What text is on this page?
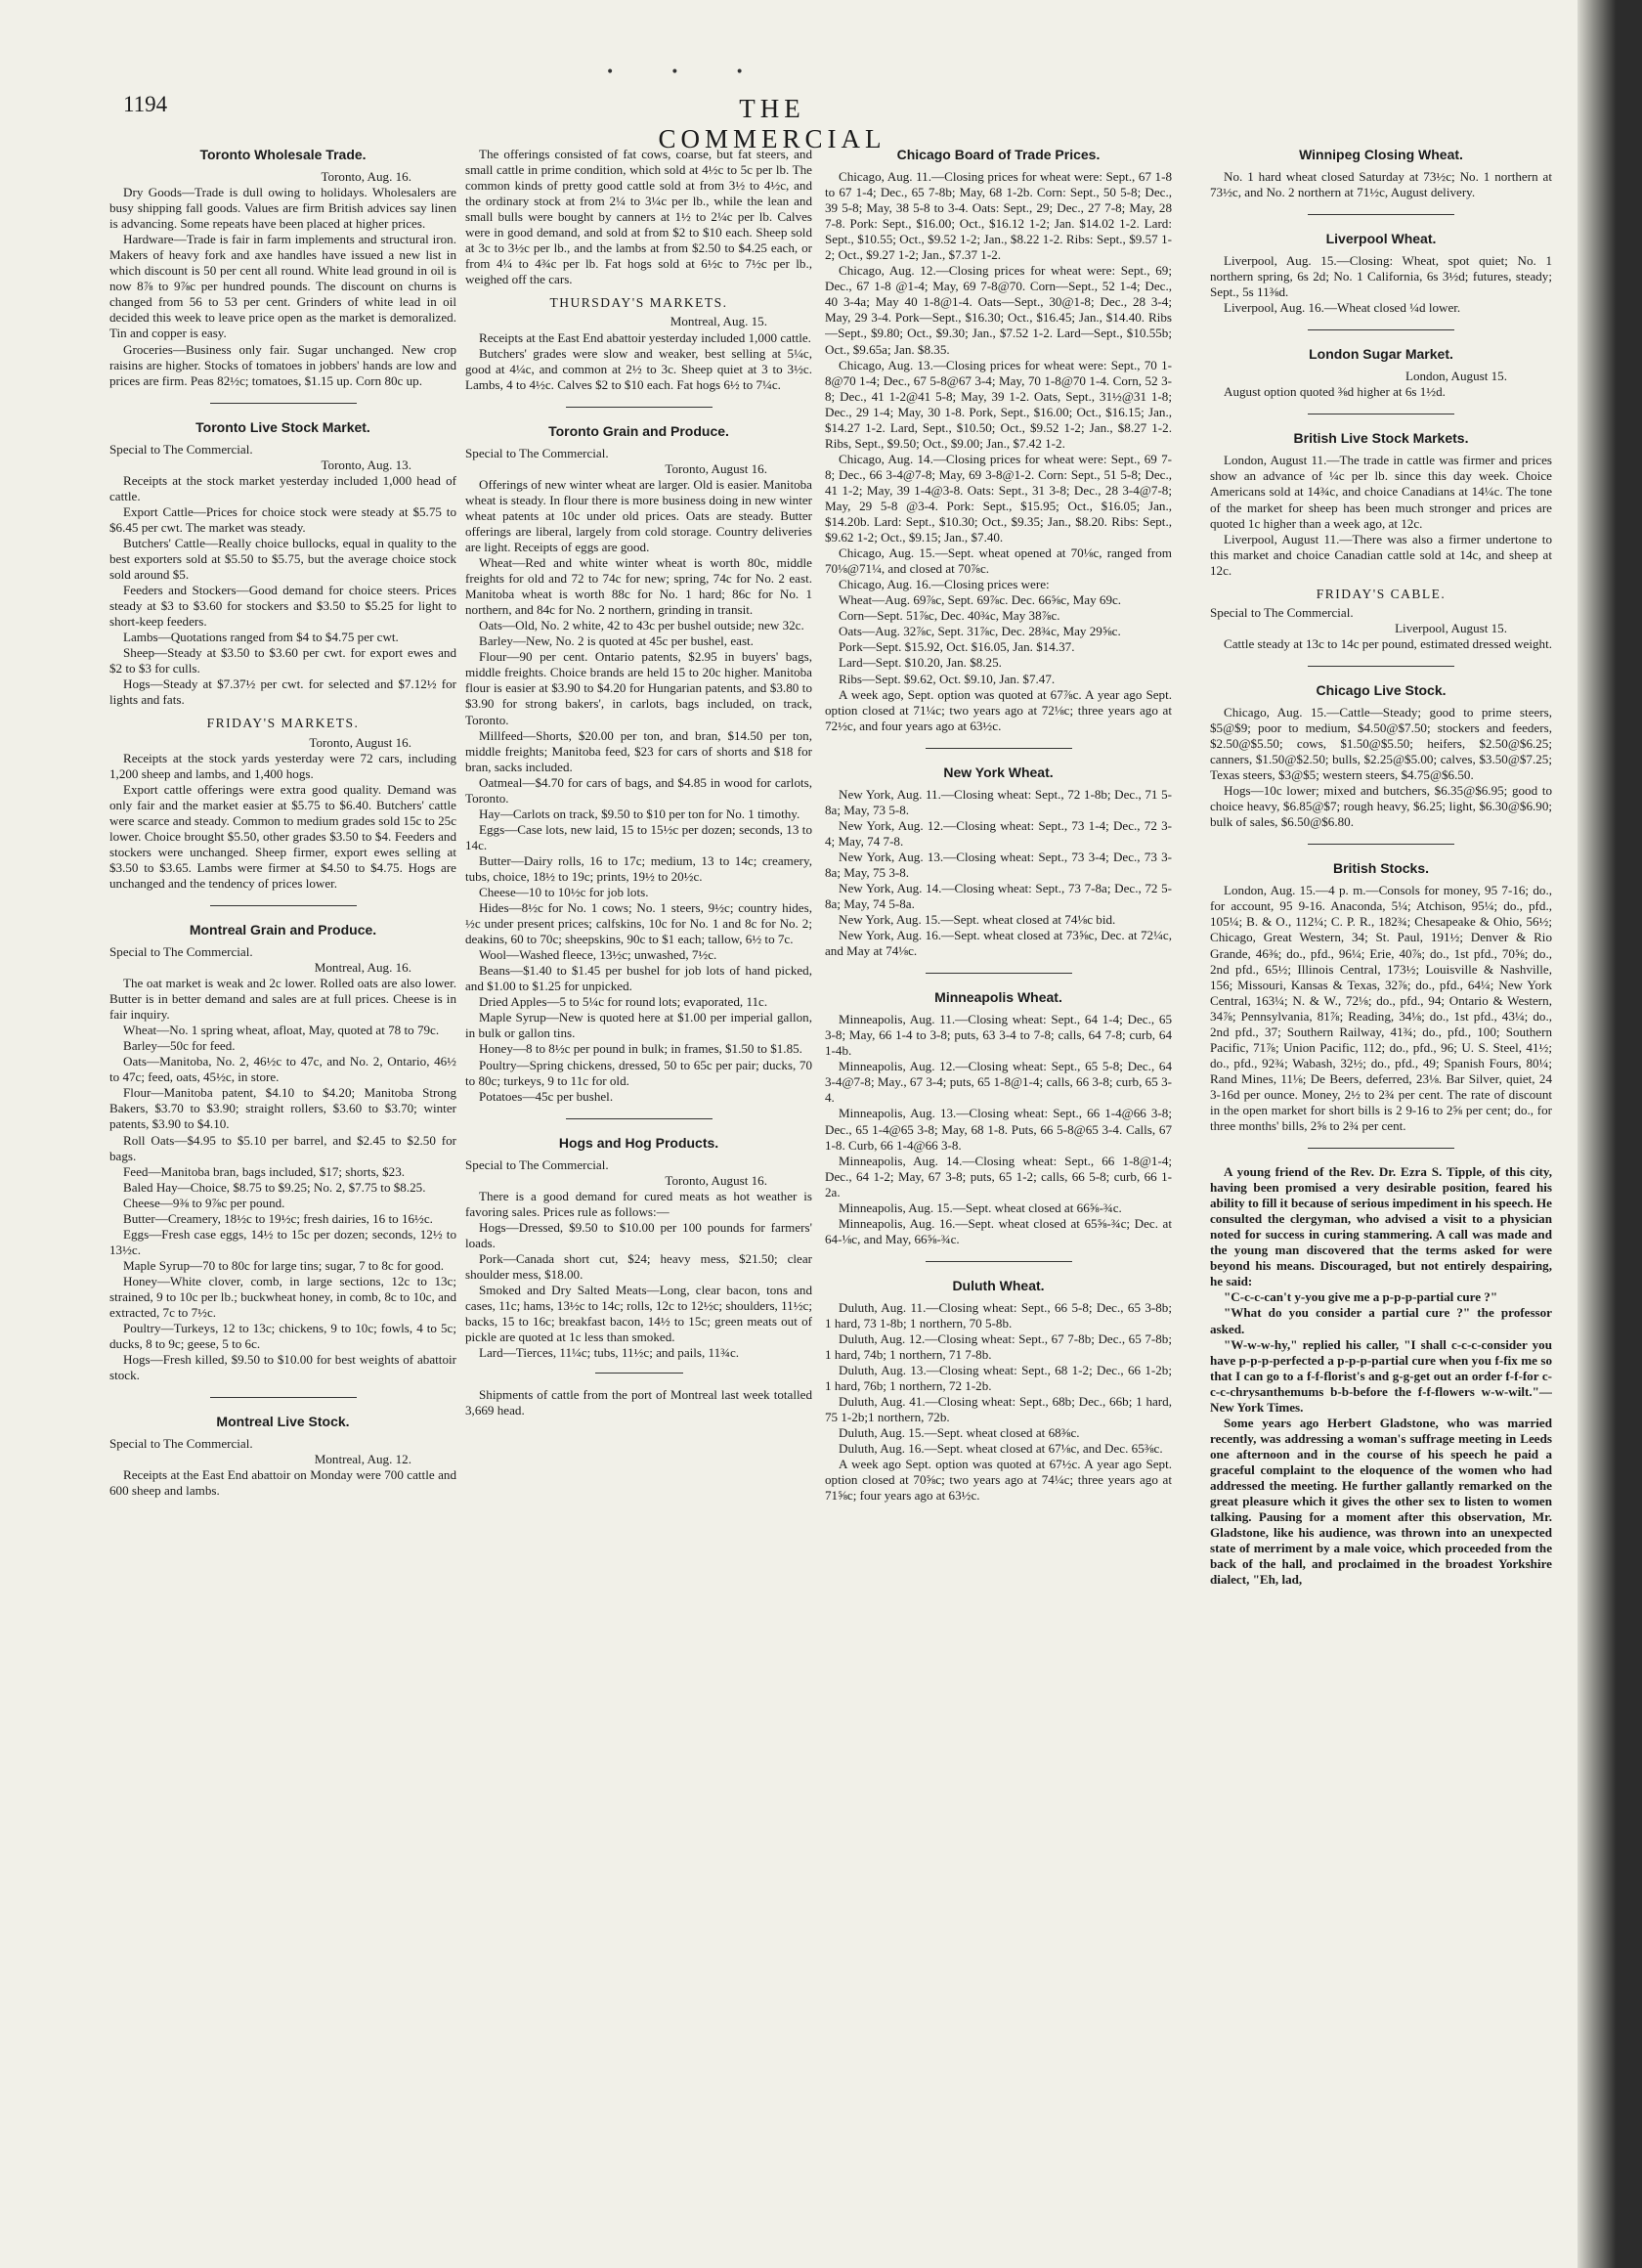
•••
1194	THE COMMERCIAL
Toronto Wholesale Trade.

Toronto, Aug. 16.

Dry Goods—Trade is dull owing to holidays. Wholesalers are busy shipping fall goods. Values are firm British advices say linen is advancing. Some repeats have been placed at higher prices.

Hardware—Trade is fair in farm implements and structural iron. Makers of heavy fork and axe handles have issued a new list in which discount is 50 per cent all round. White lead ground in oil is now 8⅞ to 9⅞c per hundred pounds. The discount on churns is changed from 56 to 53 per cent. Grinders of white lead in oil decided this week to leave price open as the market is demoralized. Tin and copper is easy.

Groceries—Business only fair. Sugar unchanged. New crop raisins are higher. Stocks of tomatoes in jobbers' hands are low and prices are firm. Peas 82½c; tomatoes, $1.15 up. Corn 80c up.

Toronto Live Stock Market.

Special to The Commercial.

Toronto, Aug. 13.

Receipts at the stock market yesterday included 1,000 head of cattle.

Export Cattle—Prices for choice stock were steady at $5.75 to $6.45 per cwt. The market was steady.

Butchers' Cattle—Really choice bullocks, equal in quality to the best exporters sold at $5.50 to $5.75, but the average choice stock sold around $5.

Feeders and Stockers—Good demand for choice steers. Prices steady at $3 to $3.60 for stockers and $3.50 to $5.25 for light to short-keep feeders.

Lambs—Quotations ranged from $4 to $4.75 per cwt.

Sheep—Steady at $3.50 to $3.60 per cwt. for export ewes and $2 to $3 for culls.

Hogs—Steady at $7.37½ per cwt. for selected and $7.12½ for lights and fats.

FRIDAY'S MARKETS.

Toronto, August 16.

Receipts at the stock yards yesterday were 72 cars, including 1,200 sheep and lambs, and 1,400 hogs.

Export cattle offerings were extra good quality. Demand was only fair and the market easier at $5.75 to $6.40. Butchers' cattle were scarce and steady. Common to medium grades sold 15c to 25c lower. Choice brought $5.50, other grades $3.50 to $4. Feeders and stockers were unchanged. Sheep firmer, export ewes selling at $3.50 to $3.65. Lambs were firmer at $4.50 to $4.75. Hogs are unchanged and the tendency of prices lower.

Montreal Grain and Produce.

Special to The Commercial.

Montreal, Aug. 16.

The oat market is weak and 2c lower. Rolled oats are also lower. Butter is in better demand and sales are at full prices. Cheese is in fair inquiry.

Wheat—No. 1 spring wheat, afloat, May, quoted at 78 to 79c.

Barley—50c for feed.

Oats—Manitoba, No. 2, 46½c to 47c, and No. 2, Ontario, 46½ to 47c; feed, oats, 45½c, in store.

Flour—Manitoba patent, $4.10 to $4.20; Manitoba Strong Bakers, $3.70 to $3.90; straight rollers, $3.60 to $3.70; winter patents, $3.90 to $4.10.

Roll Oats—$4.95 to $5.10 per barrel, and $2.45 to $2.50 for bags.

Feed—Manitoba bran, bags included, $17; shorts, $23.

Baled Hay—Choice, $8.75 to $9.25; No. 2, $7.75 to $8.25.

Cheese—9⅜ to 9⅞c per pound.

Butter—Creamery, 18½c to 19½c; fresh dairies, 16 to 16½c.

Eggs—Fresh case eggs, 14½ to 15c per dozen; seconds, 12½ to 13½c.

Maple Syrup—70 to 80c for large tins; sugar, 7 to 8c for good.

Honey—White clover, comb, in large sections, 12c to 13c; strained, 9 to 10c per lb.; buckwheat honey, in comb, 8c to 10c, and extracted, 7c to 7½c.

Poultry—Turkeys, 12 to 13c; chickens, 9 to 10c; fowls, 4 to 5c; ducks, 8 to 9c; geese, 5 to 6c.

Hogs—Fresh killed, $9.50 to $10.00 for best weights of abattoir stock.

Montreal Live Stock.

Special to The Commercial.

Montreal, Aug. 12.

Receipts at the East End abattoir on Monday were 700 cattle and 600 sheep and lambs.

The offerings consisted of fat cows, coarse, but fat steers, and small cattle in prime condition, which sold at 4½c to 5c per lb. The common kinds of pretty good cattle sold at from 3½ to 4½c, and the ordinary stock at from 2¼ to 3¼c per lb., while the lean and small bulls were bought by canners at 1½ to 2¼c per lb. Calves were in good demand, and sold at from $2 to $10 each. Sheep sold at 3c to 3½c per lb., and the lambs at from $2.50 to $4.25 each, or from 4¼ to 4¾c per lb. Fat hogs sold at 6½c to 7½c per lb., weighed off the cars.

THURSDAY'S MARKETS.

Montreal, Aug. 15.

Receipts at the East End abattoir yesterday included 1,000 cattle.

Butchers' grades were slow and weaker, best selling at 5¼c, good at 4¼c, and common at 2½ to 3c. Sheep quiet at 3 to 3½c. Lambs, 4 to 4½c. Calves $2 to $10 each. Fat hogs 6½ to 7¼c.

Toronto Grain and Produce.

Special to The Commercial.

Toronto, August 16.

Offerings of new winter wheat are larger. Old is easier. Manitoba wheat is steady. In flour there is more business doing in new winter wheat patents at 10c under old prices. Oats are steady. Butter offerings are liberal, largely from cold storage. Country deliveries are light. Receipts of eggs are good.

Wheat—Red and white winter wheat is worth 80c, middle freights for old and 72 to 74c for new; spring, 74c for No. 2 east. Manitoba wheat is worth 88c for No. 1 hard; 86c for No. 1 northern, and 84c for No. 2 northern, grinding in transit.

Oats—Old, No. 2 white, 42 to 43c per bushel outside; new 32c.

Barley—New, No. 2 is quoted at 45c per bushel, east.

Flour—90 per cent. Ontario patents, $2.95 in buyers' bags, middle freights. Choice brands are held 15 to 20c higher. Manitoba flour is easier at $3.90 to $4.20 for Hungarian patents, and $3.80 to $3.90 for strong bakers', in carlots, bags included, on track, Toronto.

Millfeed—Shorts, $20.00 per ton, and bran, $14.50 per ton, middle freights; Manitoba feed, $23 for cars of shorts and $18 for bran, sacks included.

Oatmeal—$4.70 for cars of bags, and $4.85 in wood for carlots, Toronto.

Hay—Carlots on track, $9.50 to $10 per ton for No. 1 timothy.

Eggs—Case lots, new laid, 15 to 15½c per dozen; seconds, 13 to 14c.

Butter—Dairy rolls, 16 to 17c; medium, 13 to 14c; creamery, tubs, choice, 18½ to 19c; prints, 19½ to 20½c.

Cheese—10 to 10½c for job lots.

Hides—8½c for No. 1 cows; No. 1 steers, 9½c; country hides, ½c under present prices; calfskins, 10c for No. 1 and 8c for No. 2; deakins, 60 to 70c; sheepskins, 90c to $1 each; tallow, 6½ to 7c.

Wool—Washed fleece, 13½c; unwashed, 7½c.

Beans—$1.40 to $1.45 per bushel for job lots of hand picked, and $1.00 to $1.25 for unpicked.

Dried Apples—5 to 5¼c for round lots; evaporated, 11c.

Maple Syrup—New is quoted here at $1.00 per imperial gallon, in bulk or gallon tins.

Honey—8 to 8½c per pound in bulk; in frames, $1.50 to $1.85.

Poultry—Spring chickens, dressed, 50 to 65c per pair; ducks, 70 to 80c; turkeys, 9 to 11c for old.

Potatoes—45c per bushel.

Hogs and Hog Products.

Special to The Commercial.

Toronto, August 16.

There is a good demand for cured meats as hot weather is favoring sales. Prices rule as follows:—

Hogs—Dressed, $9.50 to $10.00 per 100 pounds for farmers' loads.

Pork—Canada short cut, $24; heavy mess, $21.50; clear shoulder mess, $18.00.

Smoked and Dry Salted Meats—Long, clear bacon, tons and cases, 11c; hams, 13½c to 14c; rolls, 12c to 12½c; shoulders, 11½c; backs, 15 to 16c; breakfast bacon, 14½ to 15c; green meats out of pickle are quoted at 1c less than smoked.

Lard—Tierces, 11¼c; tubs, 11½c; and pails, 11¾c.

Shipments of cattle from the port of Montreal last week totalled 3,669 head.

Chicago Board of Trade Prices.

Chicago, Aug. 11.—Closing prices for wheat were: Sept., 67 1-8 to 67 1-4; Dec., 65 7-8b; May, 68 1-2b. Corn: Sept., 50 5-8; Dec., 39 5-8; May, 38 5-8 to 3-4. Oats: Sept., 29; Dec., 27 7-8; May, 28 7-8. Pork: Sept., $16.00; Oct., $16.12 1-2; Jan. $14.02 1-2. Lard: Sept., $10.55; Oct., $9.52 1-2; Jan., $8.22 1-2. Ribs: Sept., $9.57 1-2; Oct., $9.27 1-2; Jan., $7.37 1-2.

Chicago, Aug. 12.—Closing prices for wheat were: Sept., 69; Dec., 67 1-8 @1-4; May, 69 7-8@70. Corn—Sept., 52 1-4; Dec., 40 3-4a; May 40 1-8@1-4. Oats—Sept., 30@1-8; Dec., 28 3-4; May, 29 3-4. Pork—Sept., $16.30; Oct., $16.45; Jan., $14.40. Ribs—Sept., $9.80; Oct., $9.30; Jan., $7.52 1-2. Lard—Sept., $10.55b; Oct., $9.65a; Jan. $8.35.

Chicago, Aug. 13.—Closing prices for wheat were: Sept., 70 1-8@70 1-4; Dec., 67 5-8@67 3-4; May, 70 1-8@70 1-4. Corn, 52 3-8; Dec., 41 1-2@41 5-8; May, 39 1-2. Oats, Sept., 31½@31 1-8; Dec., 29 1-4; May, 30 1-8. Pork, Sept., $16.00; Oct., $16.15; Jan., $14.27 1-2. Lard, Sept., $10.50; Oct., $9.52 1-2; Jan., $8.27 1-2. Ribs, Sept., $9.50; Oct., $9.00; Jan., $7.42 1-2.

Chicago, Aug. 14.—Closing prices for wheat were: Sept., 69 7-8; Dec., 66 3-4@7-8; May, 69 3-8@1-2. Corn: Sept., 51 5-8; Dec., 41 1-2; May, 39 1-4@3-8. Oats: Sept., 31 3-8; Dec., 28 3-4@7-8; May, 29 5-8 @3-4. Pork: Sept., $15.95; Oct., $16.05; Jan., $14.20b. Lard: Sept., $10.30; Oct., $9.35; Jan., $8.20. Ribs: Sept., $9.62 1-2; Oct., $9.15; Jan., $7.40.

Chicago, Aug. 15.—Sept. wheat opened at 70⅛c, ranged from 70⅛@71¼, and closed at 70⅞c.

Chicago, Aug. 16.—Closing prices were:

Wheat—Aug. 69⅞c, Sept. 69⅞c. Dec. 66⅝c, May 69c.

Corn—Sept. 51⅞c, Dec. 40¾c, May 38⅞c.

Oats—Aug. 32⅞c, Sept. 31⅞c, Dec. 28¾c, May 29⅝c.

Pork—Sept. $15.92, Oct. $16.05, Jan. $14.37.

Lard—Sept. $10.20, Jan. $8.25.

Ribs—Sept. $9.62, Oct. $9.10, Jan. $7.47.

A week ago, Sept. option was quoted at 67⅞c. A year ago Sept. option closed at 71¼c; two years ago at 72⅛c; three years ago at 72½c, and four years ago at 63½c.

New York Wheat.

New York, Aug. 11.—Closing wheat: Sept., 72 1-8b; Dec., 71 5-8a; May, 73 5-8.

New York, Aug. 12.—Closing wheat: Sept., 73 1-4; Dec., 72 3-4; May, 74 7-8.

New York, Aug. 13.—Closing wheat: Sept., 73 3-4; Dec., 73 3-8a; May, 75 3-8.

New York, Aug. 14.—Closing wheat: Sept., 73 7-8a; Dec., 72 5-8a; May, 74 5-8a.

New York, Aug. 15.—Sept. wheat closed at 74⅛c bid.

New York, Aug. 16.—Sept. wheat closed at 73⅝c, Dec. at 72¼c, and May at 74⅛c.

Minneapolis Wheat.

Minneapolis, Aug. 11.—Closing wheat: Sept., 64 1-4; Dec., 65 3-8; May, 66 1-4 to 3-8; puts, 63 3-4 to 7-8; calls, 64 7-8; curb, 64 1-4b.

Minneapolis, Aug. 12.—Closing wheat: Sept., 65 5-8; Dec., 64 3-4@7-8; May., 67 3-4; puts, 65 1-8@1-4; calls, 66 3-8; curb, 65 3-4.

Minneapolis, Aug. 13.—Closing wheat: Sept., 66 1-4@66 3-8; Dec., 65 1-4@65 3-8; May, 68 1-8. Puts, 66 5-8@65 3-4. Calls, 67 1-8. Curb, 66 1-4@66 3-8.

Minneapolis, Aug. 14.—Closing wheat: Sept., 66 1-8@1-4; Dec., 64 1-2; May, 67 3-8; puts, 65 1-2; calls, 66 5-8; curb, 66 1-2a.

Minneapolis, Aug. 15.—Sept. wheat closed at 66⅝-¾c.

Minneapolis, Aug. 16.—Sept. wheat closed at 65⅝-¾c; Dec. at 64-⅛c, and May, 66⅝-¾c.

Duluth Wheat.

Duluth, Aug. 11.—Closing wheat: Sept., 66 5-8; Dec., 65 3-8b; 1 hard, 73 1-8b; 1 northern, 70 5-8b.

Duluth, Aug. 12.—Closing wheat: Sept., 67 7-8b; Dec., 65 7-8b; 1 hard, 74b; 1 northern, 71 7-8b.

Duluth, Aug. 13.—Closing wheat: Sept., 68 1-2; Dec., 66 1-2b; 1 hard, 76b; 1 northern, 72 1-2b.

Duluth, Aug. 41.—Closing wheat: Sept., 68b; Dec., 66b; 1 hard, 75 1-2b;1 northern, 72b.

Duluth, Aug. 15.—Sept. wheat closed at 68⅜c.

Duluth, Aug. 16.—Sept. wheat closed at 67⅛c, and Dec. 65⅜c.

A week ago Sept. option was quoted at 67½c. A year ago Sept. option closed at 70⅝c; two years ago at 74¼c; three years ago at 71⅝c; four years ago at 63½c.

Winnipeg Closing Wheat.

No. 1 hard wheat closed Saturday at 73½c; No. 1 northern at 73½c, and No. 2 northern at 71½c, August delivery.

Liverpool Wheat.

Liverpool, Aug. 15.—Closing: Wheat, spot quiet; No. 1 northern spring, 6s 2d; No. 1 California, 6s 3½d; futures, steady; Sept., 5s 11⅜d.

Liverpool, Aug. 16.—Wheat closed ¼d lower.

London Sugar Market.

London, August 15.

August option quoted ⅜d higher at 6s 1½d.

British Live Stock Markets.

London, August 11.—The trade in cattle was firmer and prices show an advance of ¼c per lb. since this day week. Choice Americans sold at 14¾c, and choice Canadians at 14¼c. The tone of the market for sheep has been much stronger and prices are quoted 1c higher than a week ago, at 12c.

Liverpool, August 11.—There was also a firmer undertone to this market and choice Canadian cattle sold at 14c, and sheep at 12c.

FRIDAY'S CABLE.

Special to The Commercial.

Liverpool, August 15.

Cattle steady at 13c to 14c per pound, estimated dressed weight.

Chicago Live Stock.

Chicago, Aug. 15.—Cattle—Steady; good to prime steers, $5@$9; poor to medium, $4.50@$7.50; stockers and feeders, $2.50@$5.50; cows, $1.50@$5.50; heifers, $2.50@$6.25; canners, $1.50@$2.50; bulls, $2.25@$5.00; calves, $3.50@$7.25; Texas steers, $3@$5; western steers, $4.75@$6.50.

Hogs—10c lower; mixed and butchers, $6.35@$6.95; good to choice heavy, $6.85@$7; rough heavy, $6.25; light, $6.30@$6.90; bulk of sales, $6.50@$6.80.

British Stocks.

London, Aug. 15.—4 p. m.—Consols for money, 95 7-16; do., for account, 95 9-16. Anaconda, 5¼; Atchison, 95¼; do., pfd., 105¼; B. & O., 112¼; C. P. R., 182¾; Chesapeake & Ohio, 56½; Chicago, Great Western, 34; St. Paul, 191½; Denver & Rio Grande, 46⅜; do., pfd., 96¼; Erie, 40⅞; do., 1st pfd., 70⅝; do., 2nd pfd., 65½; Illinois Central, 173½; Louisville & Nashville, 156; Missouri, Kansas & Texas, 32⅞; do., pfd., 64¼; New York Central, 163¼; N. & W., 72⅛; do., pfd., 94; Ontario & Western, 34⅞; Pennsylvania, 81⅞; Reading, 34⅛; do., 1st pfd., 43¼; do., 2nd pfd., 37; Southern Railway, 41¾; do., pfd., 100; Southern Pacific, 71⅞; Union Pacific, 112; do., pfd., 96; U. S. Steel, 41½; do., pfd., 92¾; Wabash, 32½; do., pfd., 49; Spanish Fours, 80¼; Rand Mines, 11⅛; De Beers, deferred, 23⅛. Bar Silver, quiet, 24 3-16d per ounce. Money, 2½ to 2¾ per cent. The rate of discount in the open market for short bills is 2 9-16 to 2⅝ per cent; do., for three months' bills, 2⅝ to 2¾ per cent.

A young friend of the Rev. Dr. Ezra S. Tipple, of this city, having been promised a very desirable position, feared his ability to fill it because of serious impediment in his speech. He consulted the clergyman, who advised a visit to a physician noted for success in curing stammering. A call was made and the young man discovered that the terms asked for were beyond his means. Discouraged, but not entirely despairing, he said:

"C-c-c-can't y-you give me a p-p-p-partial cure ?"

"What do you consider a partial cure ?" the professor asked.

"W-w-w-hy," replied his caller, "I shall c-c-c-consider you have p-p-p-perfected a p-p-p-partial cure when you f-fix me so that I can go to a f-f-florist's and g-g-get out an order f-f-for c-c-c-chrysanthemums b-b-before the f-f-flowers w-w-wilt."—New York Times.

Some years ago Herbert Gladstone, who was married recently, was addressing a woman's suffrage meeting in Leeds one afternoon and in the course of his speech he paid a graceful complaint to the eloquence of the women who had addressed the meeting. He further gallantly remarked on the great pleasure which it gives the other sex to listen to women talking. Pausing for a moment after this observation, Mr. Gladstone, like his audience, was thrown into an unexpected state of merriment by a male voice, which proceeded from the back of the hall, and proclaimed in the broadest Yorkshire dialect, "Eh, lad,
